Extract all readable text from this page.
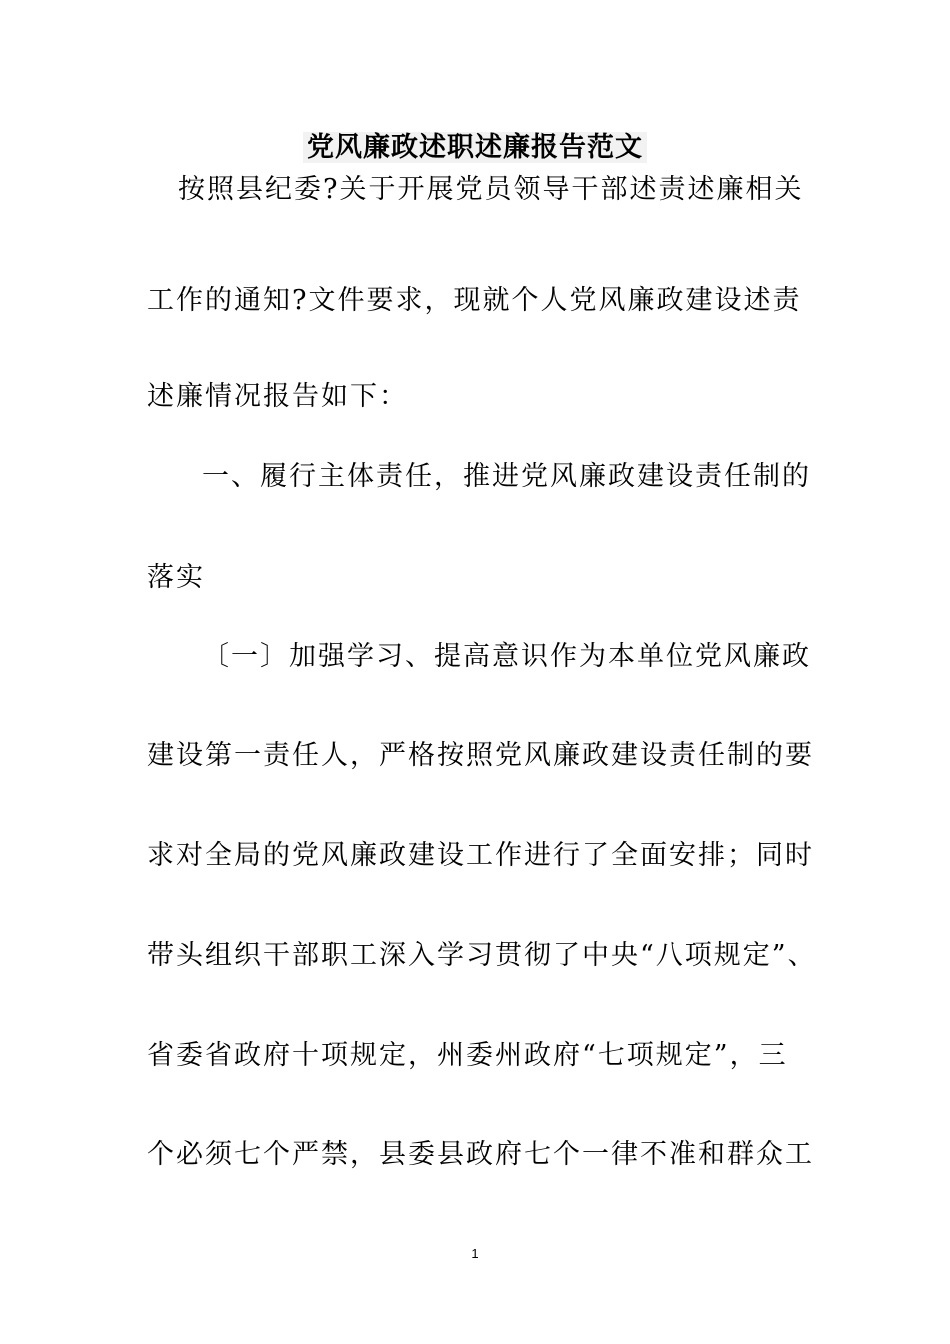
党风廉政述职述廉报告范文
按照县纪委?关于开展党员领导干部述责述廉相关
工作的通知?文件要求，现就个人党风廉政建设述责
述廉情况报告如下：
一、履行主体责任，推进党风廉政建设责任制的
落实
〔一〕加强学习、提高意识作为本单位党风廉政
建设第一责任人，严格按照党风廉政建设责任制的要
求对全局的党风廉政建设工作进行了全面安排；同时
带头组织干部职工深入学习贯彻了中央“八项规定”、
省委省政府十项规定，州委州政府“七项规定”，三
个必须七个严禁，县委县政府七个一律不准和群众工
1
